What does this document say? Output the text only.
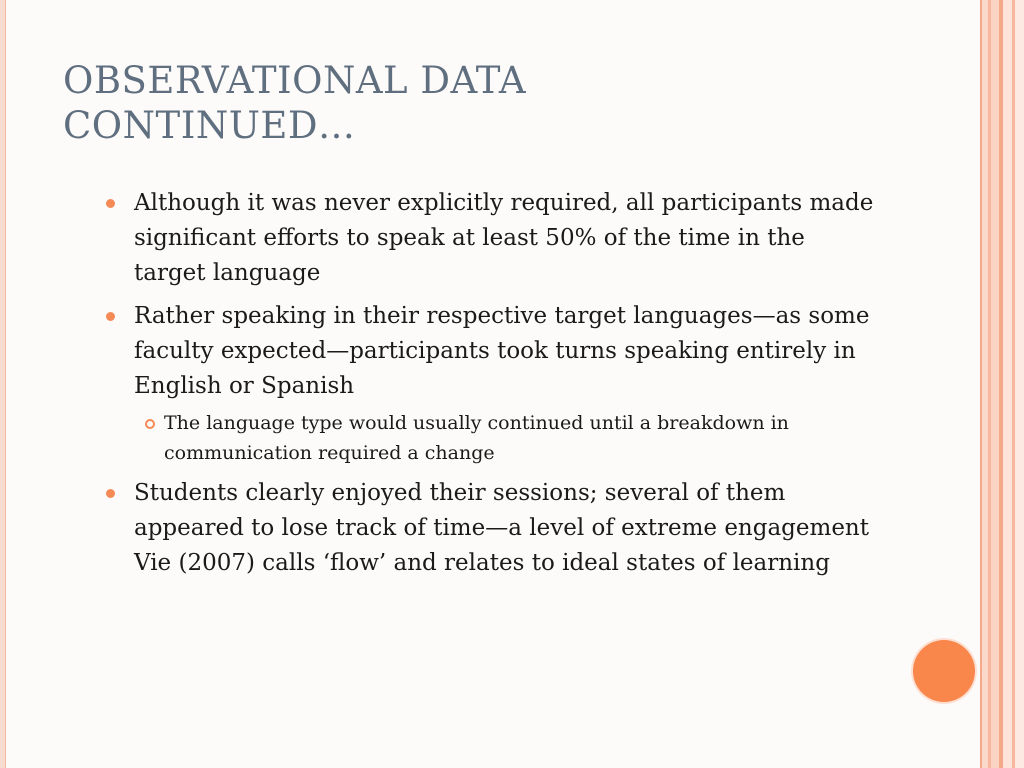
OBSERVATIONAL DATA
CONTINUED…
Although it was never explicitly required, all participants made significant efforts to speak at least 50% of the time in the target language
Rather speaking in their respective target languages—as some faculty expected—participants took turns speaking entirely in English or Spanish
The language type would usually continued until a breakdown in communication required a change
Students clearly enjoyed their sessions; several of them appeared to lose track of time—a level of extreme engagement Vie (2007) calls ‘flow’ and relates to ideal states of learning
